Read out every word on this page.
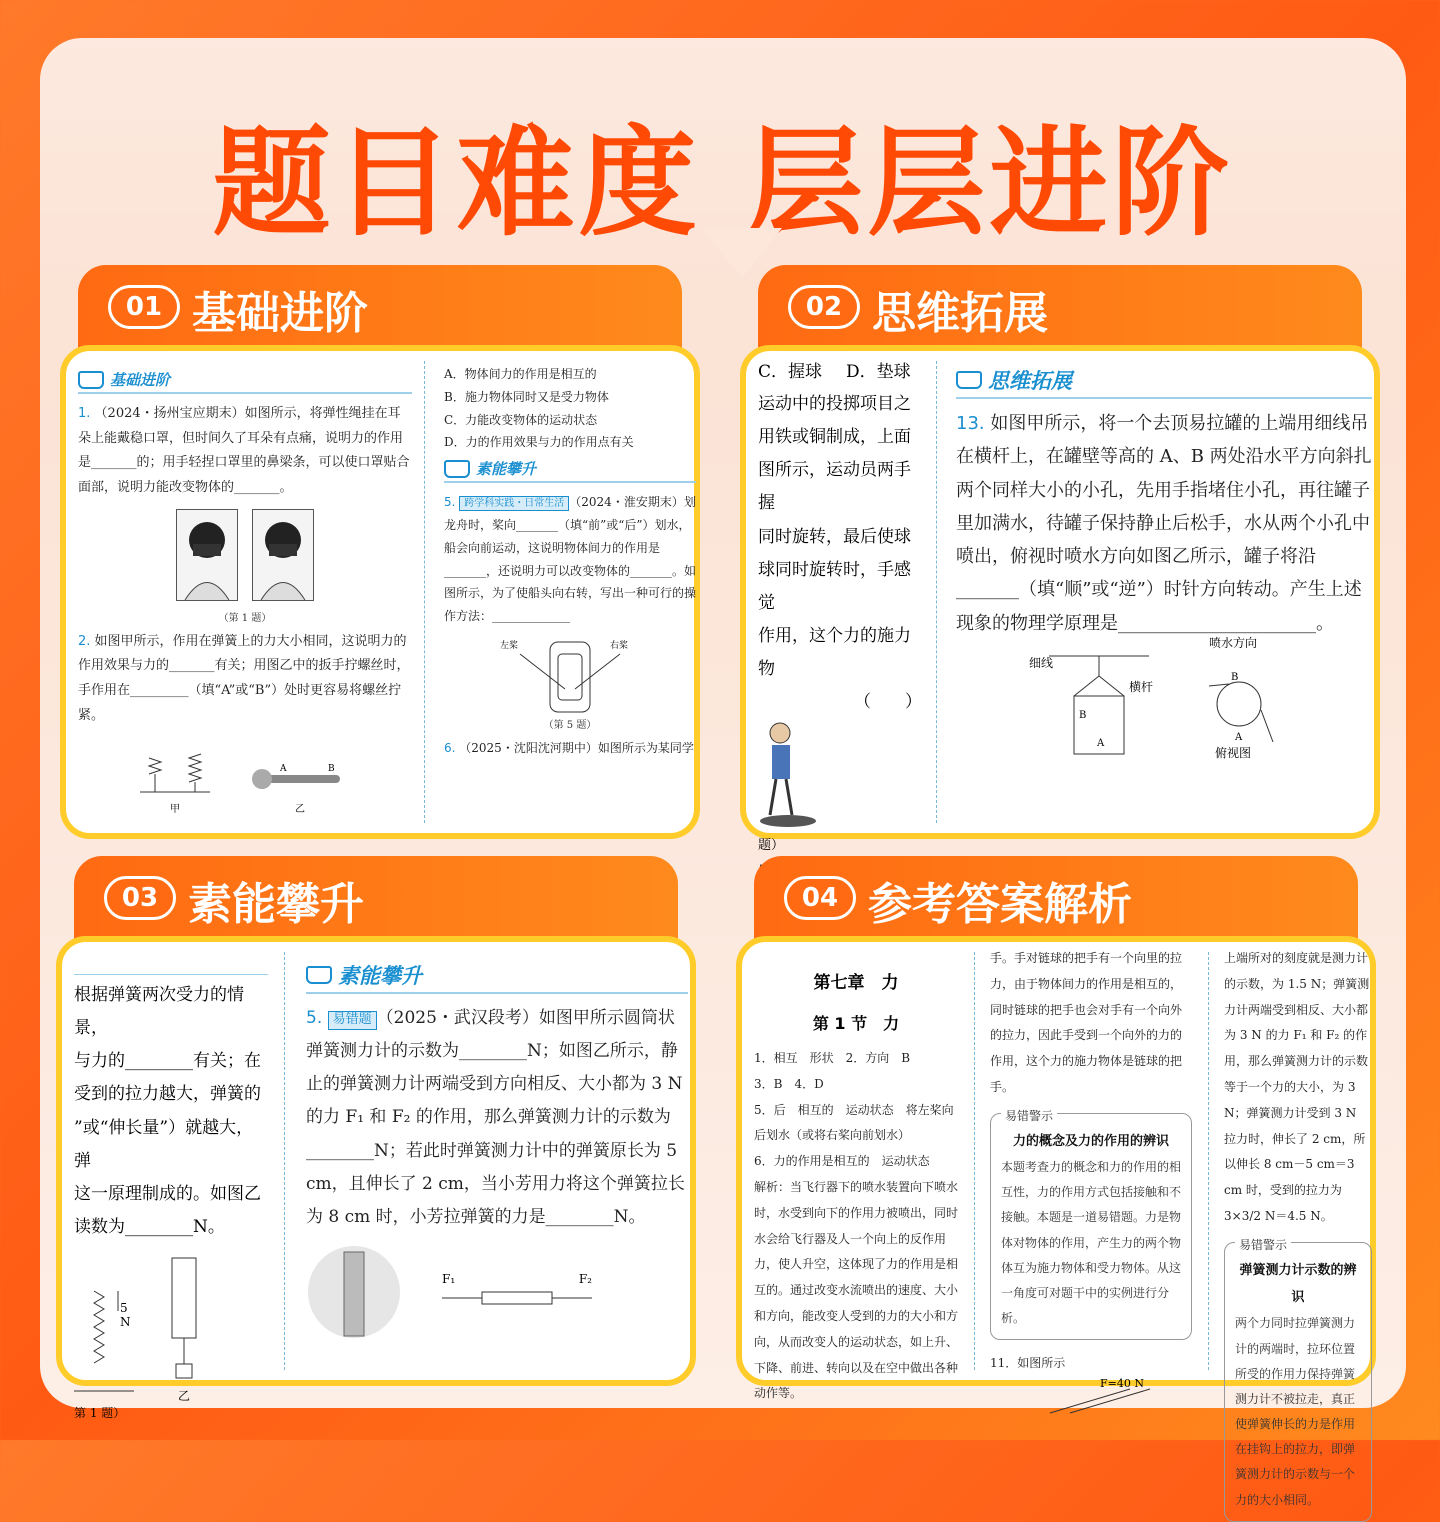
题目难度 层层进阶
01 基础进阶
基础进阶

1. （2024・扬州宝应期末）如图所示，将弹性绳挂在耳朵上能戴稳口罩，但时间久了耳朵有点痛，说明力的作用是_______的；用手轻捏口罩里的鼻梁条，可以使口罩贴合面部，说明力能改变物体的_______。

（第 1 题）

2. 如图甲所示，作用在弹簧上的力大小相同，这说明力的作用效果与力的_______有关；用图乙中的扳手拧螺丝时，手作用在_________（填“A”或“B”）处时更容易将螺丝拧紧。

甲
A	B
乙

A．物体间力的作用是相互的

B．施力物体同时又是受力物体

C．力能改变物体的运动状态

D．力的作用效果与力的作用点有关

素能攀升

5. 跨学科实践・日常生活 （2024・淮安期末）划龙舟时，桨向_______（填“前”或“后”）划水，船会向前运动，这说明物体间力的作用是_______，还说明力可以改变物体的_______。如图所示，为了使船头向右转，写出一种可行的操作方法：_____________

左桨	右桨
（第 5 题）

6. （2025・沈阳沈河期中）如图所示为某同学

02 思维拓展
C．握球 D．垫球
运动中的投掷项目之
用铁或铜制成，上面
图所示，运动员两手握
同时旋转，最后使球
球同时旋转时，手感觉
作用，这个力的施力物
（　　）
题）
思维拓展

13. 如图甲所示，将一个去顶易拉罐的上端用细线吊在横杆上，在罐壁等高的 A、B 两处沿水平方向斜扎两个同样大小的小孔，先用手指堵住小孔，再往罐子里加满水，待罐子保持静止后松手，水从两个小孔中喷出，俯视时喷水方向如图乙所示，罐子将沿_______（填“顺”或“逆”）时针方向转动。产生上述现象的物理学原理是______________________。

B
A
细线
横杆
喷水方向
B
A
俯视图
03 素能攀升
根据弹簧两次受力的情景，
与力的________有关；在
受到的拉力越大，弹簧的
”或“伸长量”）就越大，弹
这一原理制成的。如图乙
读数为________N。
5 N
乙
第 1 题）
素能攀升

5. 易错题 （2025・武汉段考）如图甲所示圆筒状弹簧测力计的示数为________N；如图乙所示，静止的弹簧测力计两端受到方向相反、大小都为 3 N 的力 F₁ 和 F₂ 的作用，那么弹簧测力计的示数为________N；若此时弹簧测力计中的弹簧原长为 5 cm，且伸长了 2 cm，当小芳用力将这个弹簧拉长为 8 cm 时，小芳拉弹簧的力是________N。

F₁	F₂
04 参考答案解析
第七章　力
第 1 节　力

1．相互　形状　2．方向　B

3．B　4．D

5．后　相互的　运动状态　将左桨向后划水（或将右桨向前划水）

6．力的作用是相互的　运动状态

解析：当飞行器下的喷水装置向下喷水时，水受到向下的作用力被喷出，同时水会给飞行器及人一个向上的反作用力，使人升空，这体现了力的作用是相互的。通过改变水流喷出的速度、大小和方向，能改变人受到的力的大小和方向，从而改变人的运动状态，如上升、下降、前进、转向以及在空中做出各种动作等。

手。手对链球的把手有一个向里的拉力，由于物体间力的作用是相互的，同时链球的把手也会对手有一个向外的拉力，因此手受到一个向外的力的作用，这个力的施力物体是链球的把手。

易错警示
力的概念及力的作用的辨识
本题考查力的概念和力的作用的相互性，力的作用方式包括接触和不接触。本题是一道易错题。力是物体对物体的作用，产生力的两个物体互为施力物体和受力物体。从这一角度可对题干中的实例进行分析。

11．如图所示

F=40 N

上端所对的刻度就是测力计的示数，为 1.5 N；弹簧测力计两端受到相反、大小都为 3 N 的力 F₁ 和 F₂ 的作用，那么弹簧测力计的示数等于一个力的大小，为 3 N；弹簧测力计受到 3 N 拉力时，伸长了 2 cm，所以伸长 8 cm－5 cm＝3 cm 时，受到的拉力为 3×3/2 N＝4.5 N。

易错警示
弹簧测力计示数的辨识
两个力同时拉弹簧测力计的两端时，拉环位置所受的作用力保持弹簧测力计不被拉走，真正使弹簧伸长的力是作用在挂钩上的拉力，即弹簧测力计的示数与一个力的大小相同。
